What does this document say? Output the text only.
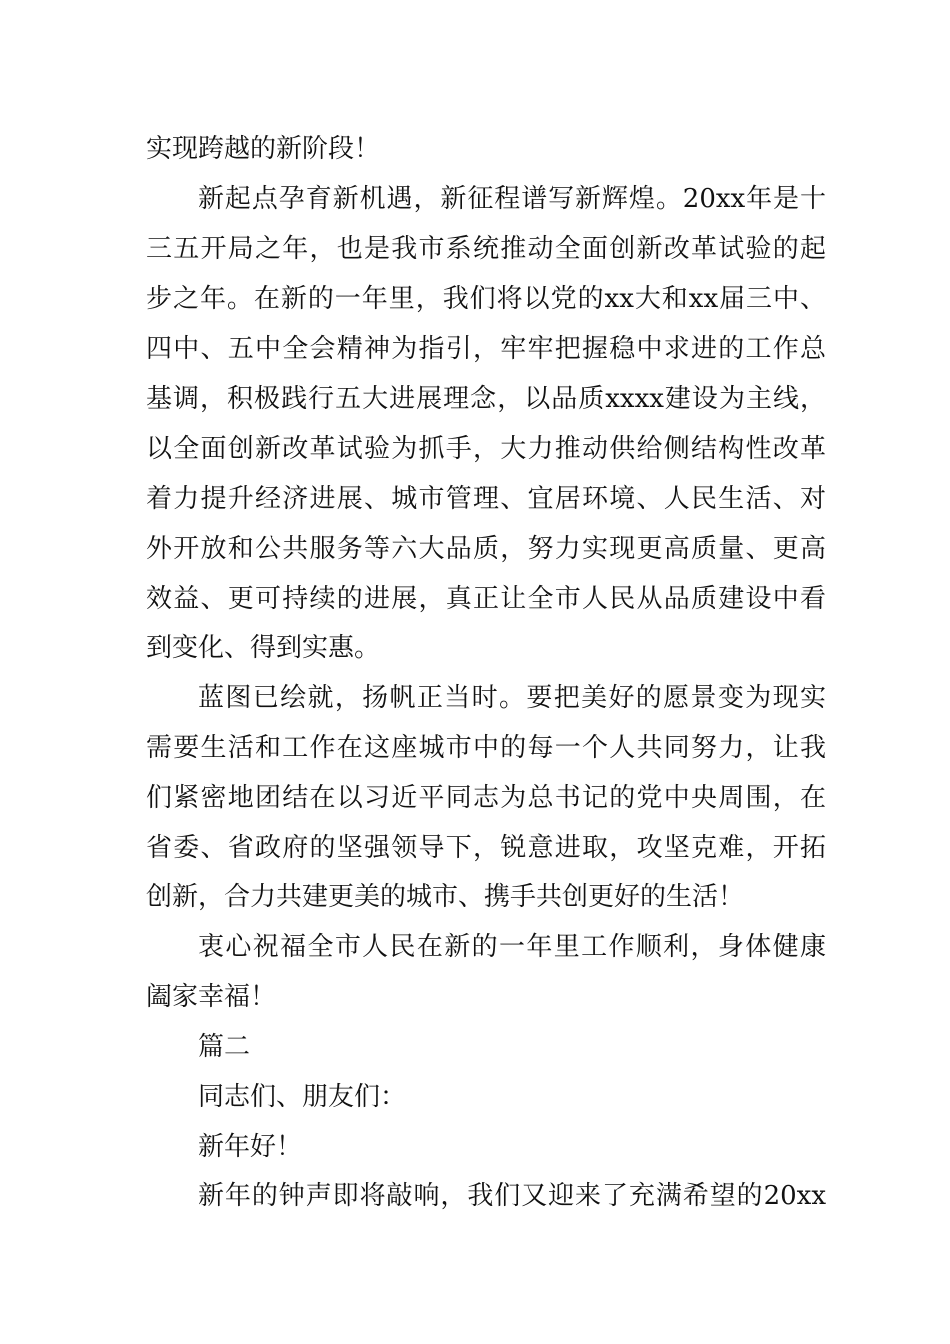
实现跨越的新阶段！
新起点孕育新机遇，新征程谱写新辉煌。20xx年是十
三五开局之年，也是我市系统推动全面创新改革试验的起
步之年。在新的一年里，我们将以党的xx大和xx届三中、
四中、五中全会精神为指引，牢牢把握稳中求进的工作总
基调，积极践行五大进展理念，以品质xxxx建设为主线，
以全面创新改革试验为抓手，大力推动供给侧结构性改革
着力提升经济进展、城市管理、宜居环境、人民生活、对
外开放和公共服务等六大品质，努力实现更高质量、更高
效益、更可持续的进展，真正让全市人民从品质建设中看
到变化、得到实惠。
蓝图已绘就，扬帆正当时。要把美好的愿景变为现实
需要生活和工作在这座城市中的每一个人共同努力，让我
们紧密地团结在以习近平同志为总书记的党中央周围，在
省委、省政府的坚强领导下，锐意进取，攻坚克难，开拓
创新，合力共建更美的城市、携手共创更好的生活！
衷心祝福全市人民在新的一年里工作顺利，身体健康
阖家幸福！
篇二
同志们、朋友们：
新年好！
新年的钟声即将敲响，我们又迎来了充满希望的20xx
